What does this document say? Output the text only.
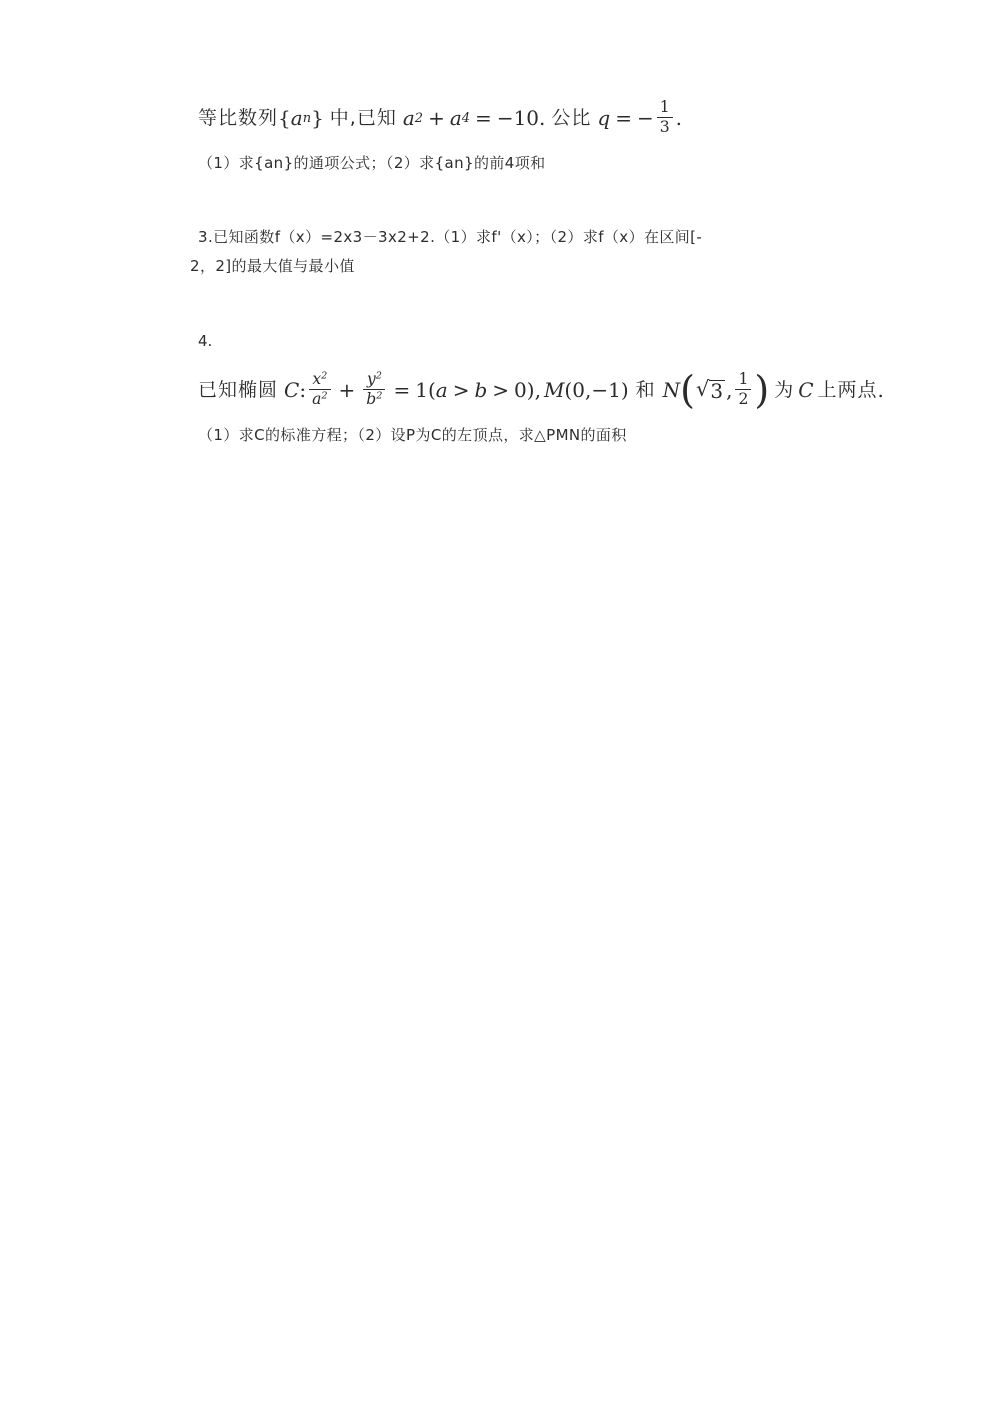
等比数列 { a n } 中,已知 a 2 + a 4 = − 10. 公比 q = − $\frac{1}{3}$ .
（1）求{an}的通项公式；（2）求{an}的前4项和
3.已知函数f（x）=2x3－3x2+2.（1）求f'（x）；（2）求f（x）在区间[-
2，2]的最大值与最小值
4.
已知椭圆 C : $\frac{x^2}{a^2} + \frac{y^2}{b^2} = 1$ ( a > b > 0 ) , M ( 0,−1 ) 和 N ( √ 3 , $\frac{1}{2}$ ) 为 C 上两点 .
（1）求C的标准方程；（2）设P为C的左顶点，求△PMN的面积
